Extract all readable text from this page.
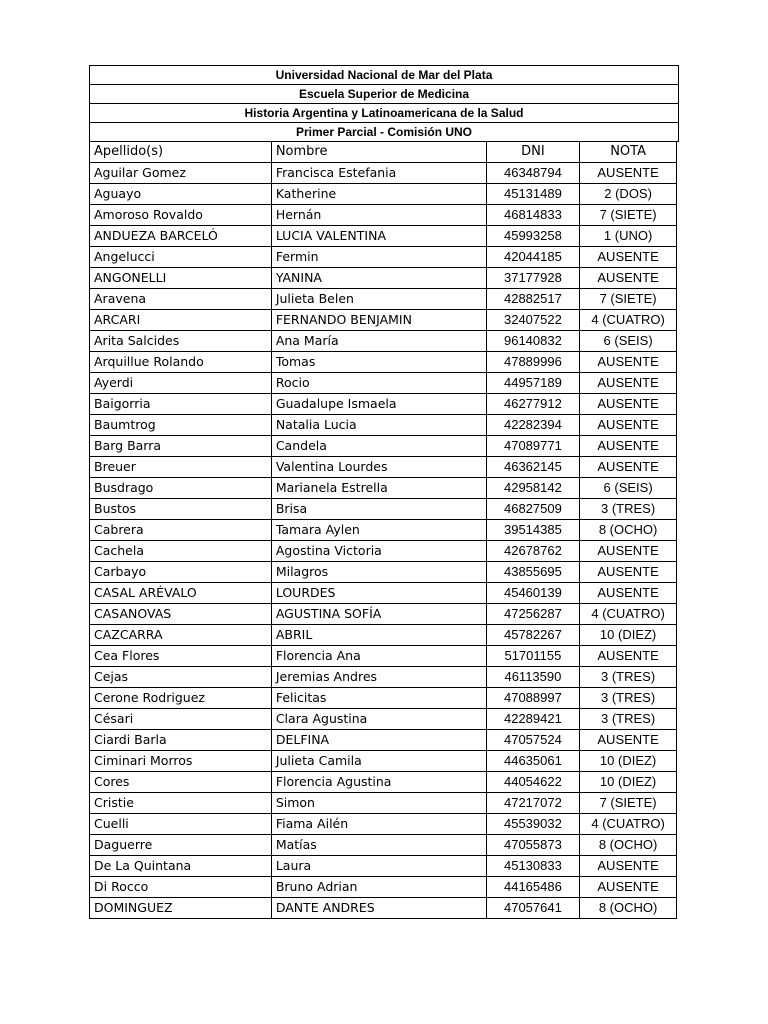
Universidad Nacional de Mar del Plata
Escuela Superior de Medicina
Historia Argentina y Latinoamericana de la Salud
Primer Parcial - Comisión UNO
Apellido(s)	Nombre	DNI	NOTA
Aguilar Gomez	Francisca Estefania	46348794	AUSENTE
Aguayo	Katherine	45131489	2 (DOS)
Amoroso Rovaldo	Hernán	46814833	7 (SIETE)
ANDUEZA BARCELÓ	LUCIA VALENTINA	45993258	1 (UNO)
Angelucci	Fermin	42044185	AUSENTE
ANGONELLI	YANINA	37177928	AUSENTE
Aravena	Julieta Belen	42882517	7 (SIETE)
ARCARI	FERNANDO BENJAMIN	32407522	4 (CUATRO)
Arita Salcides	Ana María	96140832	6 (SEIS)
Arquillue Rolando	Tomas	47889996	AUSENTE
Ayerdi	Rocio	44957189	AUSENTE
Baigorria	Guadalupe Ismaela	46277912	AUSENTE
Baumtrog	Natalia Lucia	42282394	AUSENTE
Barg Barra	Candela	47089771	AUSENTE
Breuer	Valentina Lourdes	46362145	AUSENTE
Busdrago	Marianela Estrella	42958142	6 (SEIS)
Bustos	Brisa	46827509	3 (TRES)
Cabrera	Tamara Aylen	39514385	8 (OCHO)
Cachela	Agostina Victoria	42678762	AUSENTE
Carbayo	Milagros	43855695	AUSENTE
CASAL ARÉVALO	LOURDES	45460139	AUSENTE
CASANOVAS	AGUSTINA SOFÍA	47256287	4 (CUATRO)
CAZCARRA	ABRIL	45782267	10 (DIEZ)
Cea Flores	Florencia Ana	51701155	AUSENTE
Cejas	Jeremias Andres	46113590	3 (TRES)
Cerone Rodriguez	Felicitas	47088997	3 (TRES)
Césari	Clara Agustina	42289421	3 (TRES)
Ciardi Barla	DELFINA	47057524	AUSENTE
Ciminari Morros	Julieta Camila	44635061	10 (DIEZ)
Cores	Florencia Agustina	44054622	10 (DIEZ)
Cristie	Simon	47217072	7 (SIETE)
Cuelli	Fiama Ailén	45539032	4 (CUATRO)
Daguerre	Matías	47055873	8 (OCHO)
De La Quintana	Laura	45130833	AUSENTE
Di Rocco	Bruno Adrian	44165486	AUSENTE
DOMINGUEZ	DANTE ANDRES	47057641	8 (OCHO)
